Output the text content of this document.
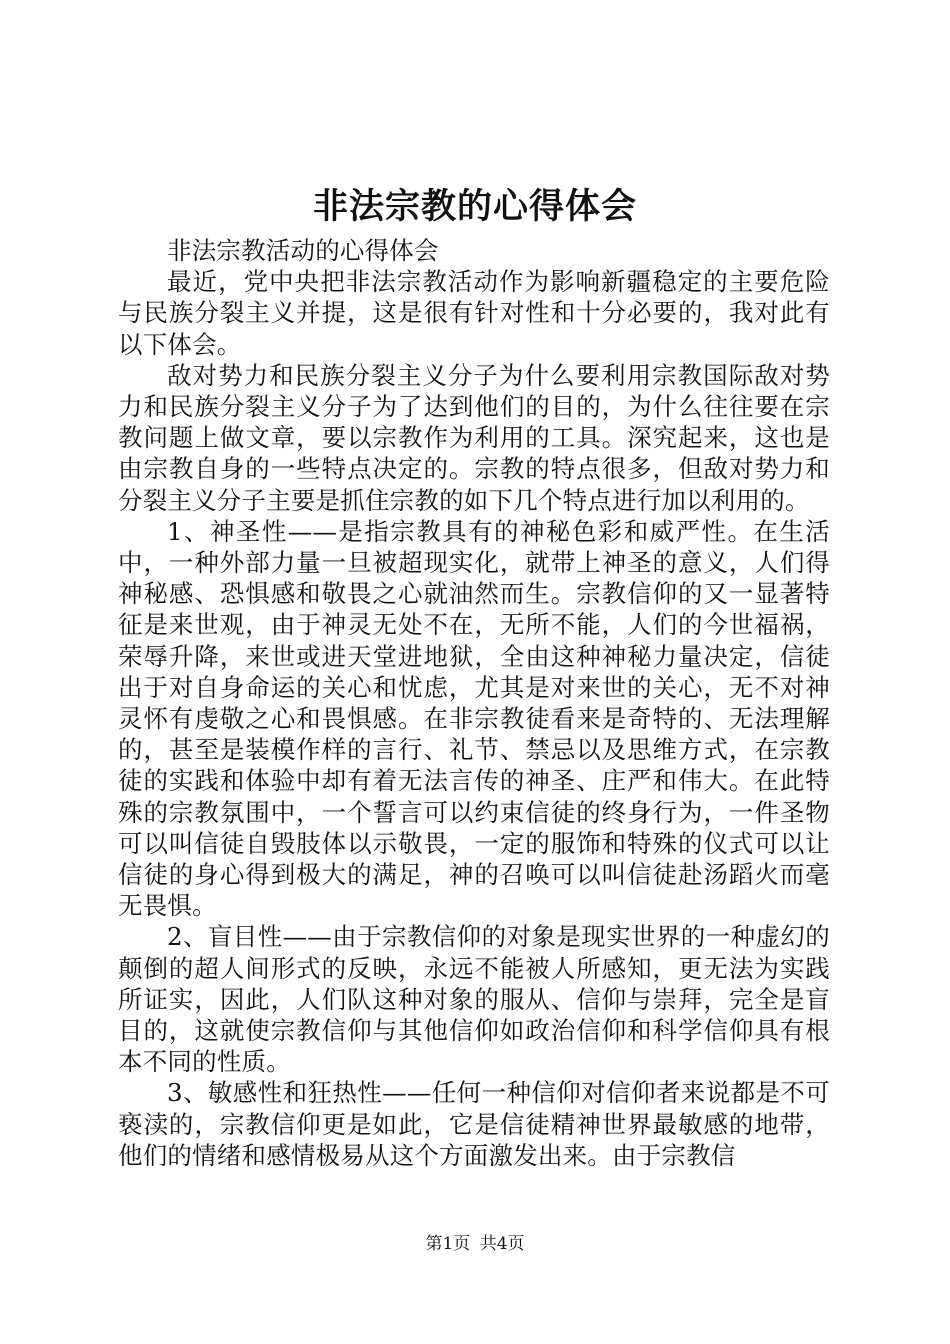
非法宗教的心得体会

非法宗教活动的心得体会

最近，党中央把非法宗教活动作为影响新疆稳定的主要危险与民族分裂主义并提，这是很有针对性和十分必要的，我对此有以下体会。

敌对势力和民族分裂主义分子为什么要利用宗教国际敌对势力和民族分裂主义分子为了达到他们的目的，为什么往往要在宗教问题上做文章，要以宗教作为利用的工具。深究起来，这也是由宗教自身的一些特点决定的。宗教的特点很多，但敌对势力和分裂主义分子主要是抓住宗教的如下几个特点进行加以利用的。

1、神圣性——是指宗教具有的神秘色彩和威严性。在生活中，一种外部力量一旦被超现实化，就带上神圣的意义，人们得神秘感、恐惧感和敬畏之心就油然而生。宗教信仰的又一显著特征是来世观，由于神灵无处不在，无所不能，人们的今世福祸，荣辱升降，来世或进天堂进地狱，全由这种神秘力量决定，信徒出于对自身命运的关心和忧虑，尤其是对来世的关心，无不对神灵怀有虔敬之心和畏惧感。在非宗教徒看来是奇特的、无法理解的，甚至是装模作样的言行、礼节、禁忌以及思维方式，在宗教徒的实践和体验中却有着无法言传的神圣、庄严和伟大。在此特殊的宗教氛围中，一个誓言可以约束信徒的终身行为，一件圣物可以叫信徒自毁肢体以示敬畏，一定的服饰和特殊的仪式可以让信徒的身心得到极大的满足，神的召唤可以叫信徒赴汤蹈火而毫无畏惧。

2、盲目性——由于宗教信仰的对象是现实世界的一种虚幻的颠倒的超人间形式的反映，永远不能被人所感知，更无法为实践所证实，因此，人们队这种对象的服从、信仰与崇拜，完全是盲目的，这就使宗教信仰与其他信仰如政治信仰和科学信仰具有根本不同的性质。

3、敏感性和狂热性——任何一种信仰对信仰者来说都是不可亵渎的，宗教信仰更是如此，它是信徒精神世界最敏感的地带，他们的情绪和感情极易从这个方面激发出来。由于宗教信

第1页 共4页
